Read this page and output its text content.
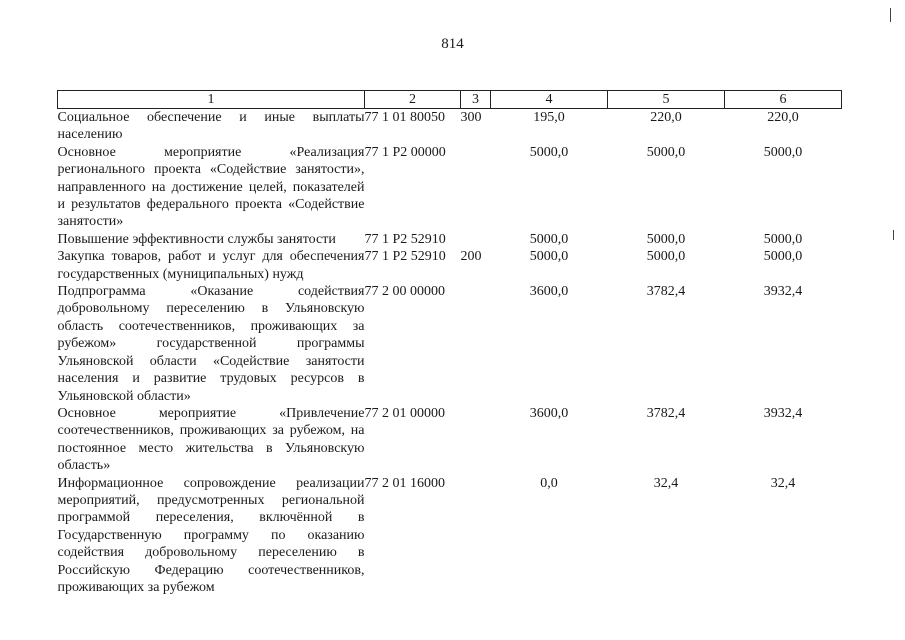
814
1	2	3	4	5	6
Социальное обеспечение и иные выплаты населению	77 1 01 80050	300	195,0	220,0	220,0
Основное мероприятие «Реализация регионального проекта «Содействие занятости», направленного на достижение целей, показателей и результатов федерального проекта «Содействие занятости»	77 1 P2 00000		5000,0	5000,0	5000,0
Повышение эффективности службы занятости	77 1 P2 52910		5000,0	5000,0	5000,0
Закупка товаров, работ и услуг для обеспечения государственных (муниципальных) нужд	77 1 P2 52910	200	5000,0	5000,0	5000,0
Подпрограмма «Оказание содействия добровольному переселению в Ульяновскую область соотечественников, проживающих за рубежом» государственной программы Ульяновской области «Содействие занятости населения и развитие трудовых ресурсов в Ульяновской области»	77 2 00 00000		3600,0	3782,4	3932,4
Основное мероприятие «Привлечение соотечественников, проживающих за рубежом, на постоянное место жительства в Ульяновскую область»	77 2 01 00000		3600,0	3782,4	3932,4
Информационное сопровождение реализации мероприятий, предусмотренных региональной программой переселения, включённой в Государственную программу по оказанию содействия добровольному переселению в Российскую Федерацию соотечественников, проживающих за рубежом	77 2 01 16000		0,0	32,4	32,4
